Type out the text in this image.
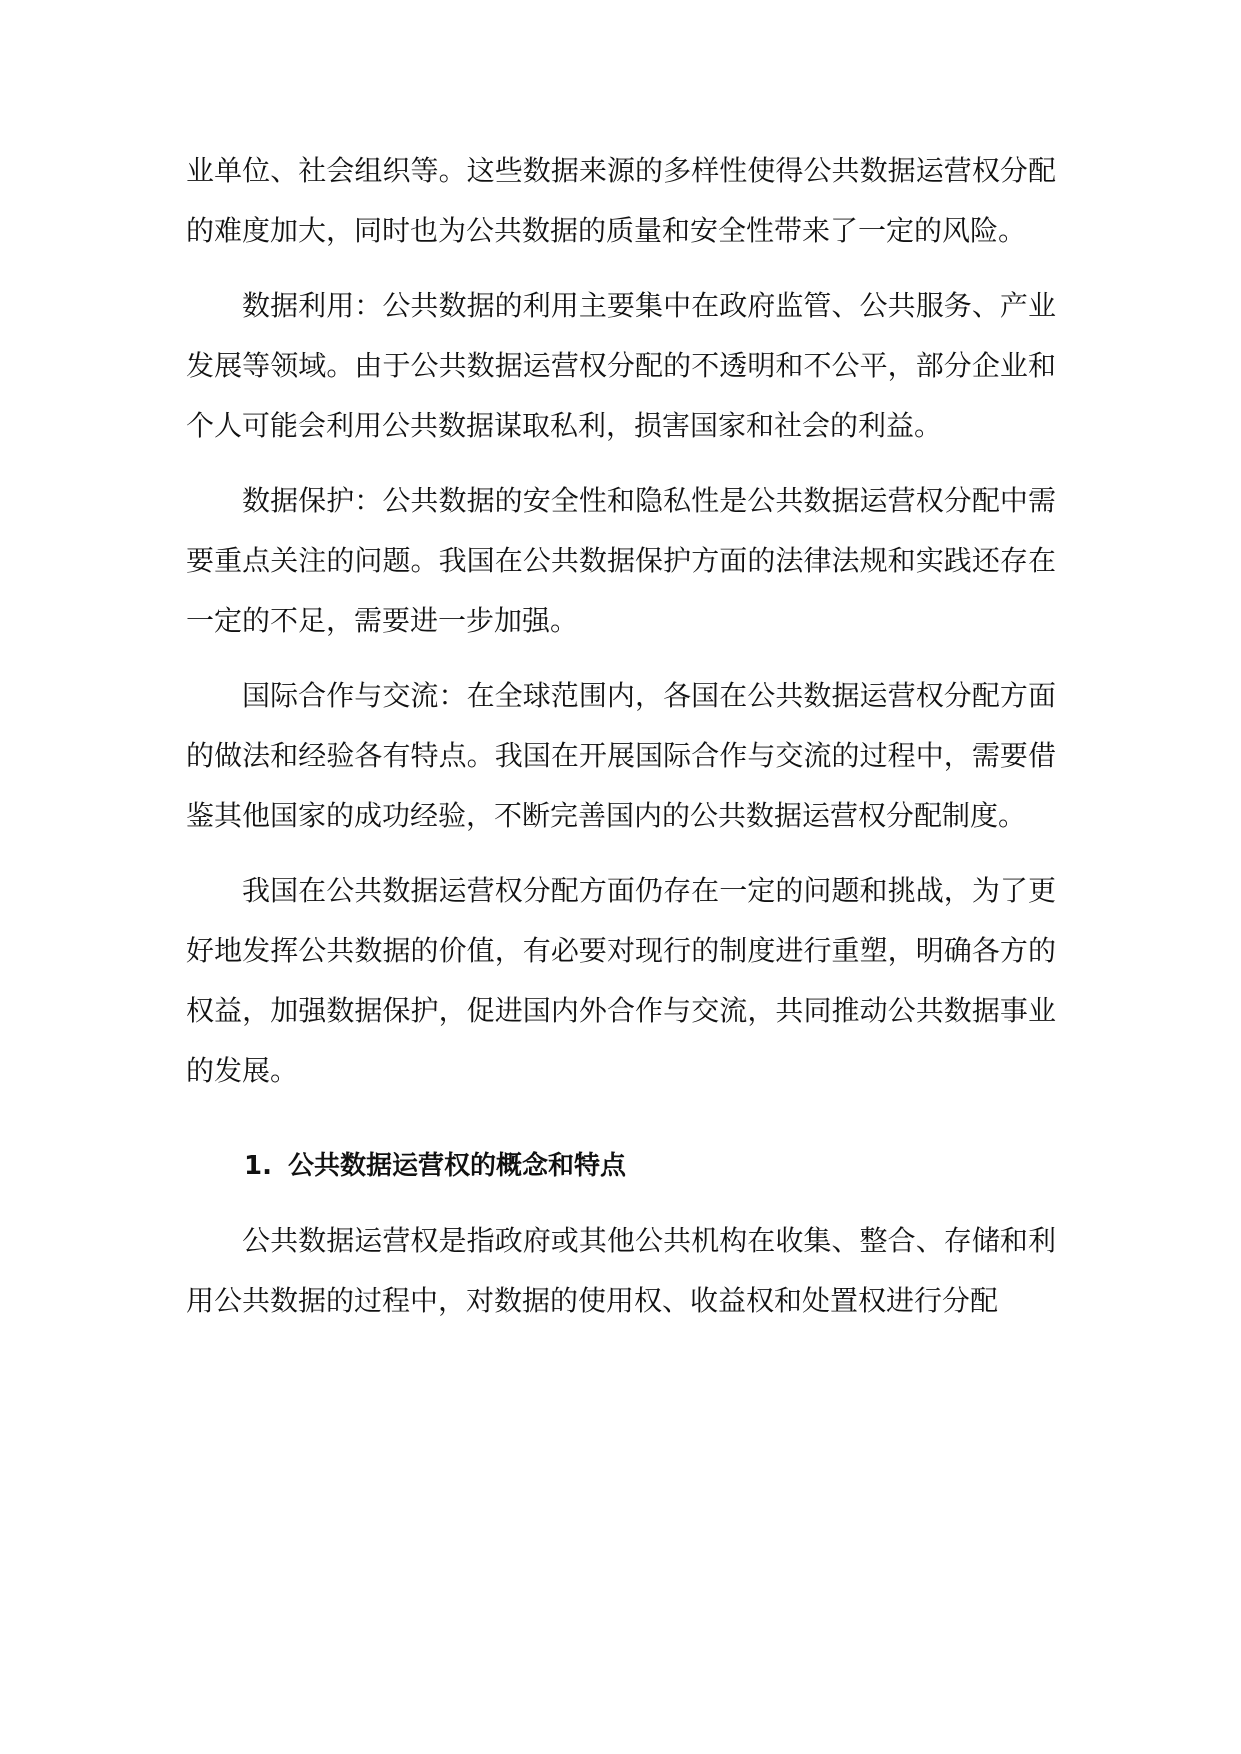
业单位、社会组织等。这些数据来源的多样性使得公共数据运营权分配的难度加大，同时也为公共数据的质量和安全性带来了一定的风险。

数据利用：公共数据的利用主要集中在政府监管、公共服务、产业发展等领域。由于公共数据运营权分配的不透明和不公平，部分企业和个人可能会利用公共数据谋取私利，损害国家和社会的利益。

数据保护：公共数据的安全性和隐私性是公共数据运营权分配中需要重点关注的问题。我国在公共数据保护方面的法律法规和实践还存在一定的不足，需要进一步加强。

国际合作与交流：在全球范围内，各国在公共数据运营权分配方面的做法和经验各有特点。我国在开展国际合作与交流的过程中，需要借鉴其他国家的成功经验，不断完善国内的公共数据运营权分配制度。

我国在公共数据运营权分配方面仍存在一定的问题和挑战，为了更好地发挥公共数据的价值，有必要对现行的制度进行重塑，明确各方的权益，加强数据保护，促进国内外合作与交流，共同推动公共数据事业的发展。

1. 公共数据运营权的概念和特点

公共数据运营权是指政府或其他公共机构在收集、整合、存储和利用公共数据的过程中，对数据的使用权、收益权和处置权进行分配
